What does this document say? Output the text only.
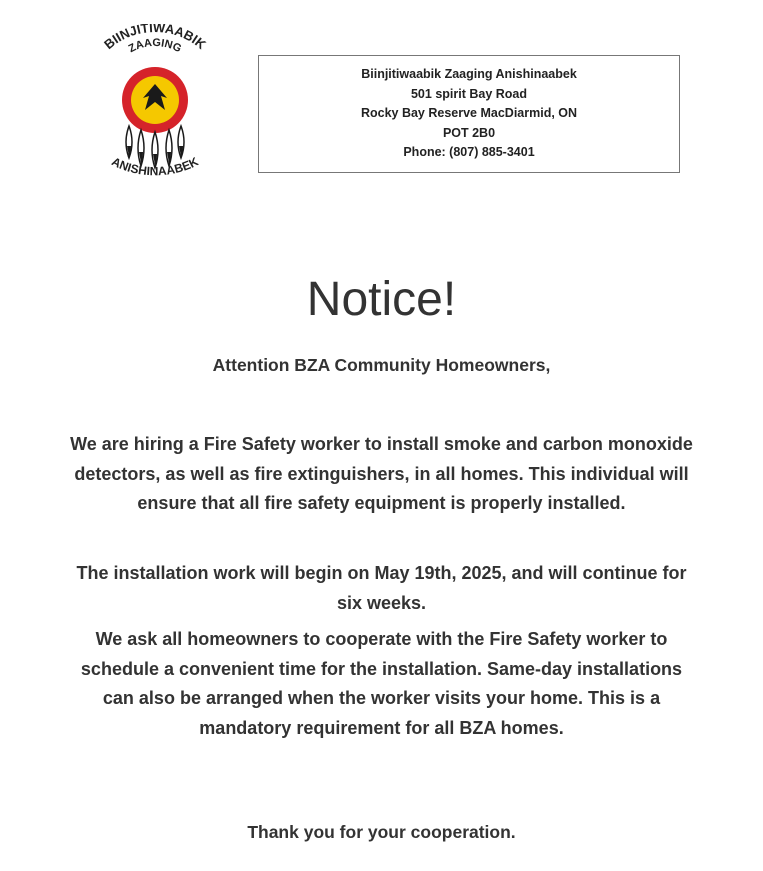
BIINJITIWAABIK
ZAAGING
ANISHINAABEK
Biinjitiwaabik Zaaging Anishinaabek
501 spirit Bay Road
Rocky Bay Reserve MacDiarmid, ON
POT 2B0
Phone: (807) 885-3401
Notice!
Attention BZA Community Homeowners,
We are hiring a Fire Safety worker to install smoke and carbon monoxide detectors, as well as fire extinguishers, in all homes. This individual will ensure that all fire safety equipment is properly installed.
The installation work will begin on May 19th, 2025, and will continue for six weeks.
We ask all homeowners to cooperate with the Fire Safety worker to schedule a convenient time for the installation. Same-day installations can also be arranged when the worker visits your home. This is a mandatory requirement for all BZA homes.
Thank you for your cooperation.
